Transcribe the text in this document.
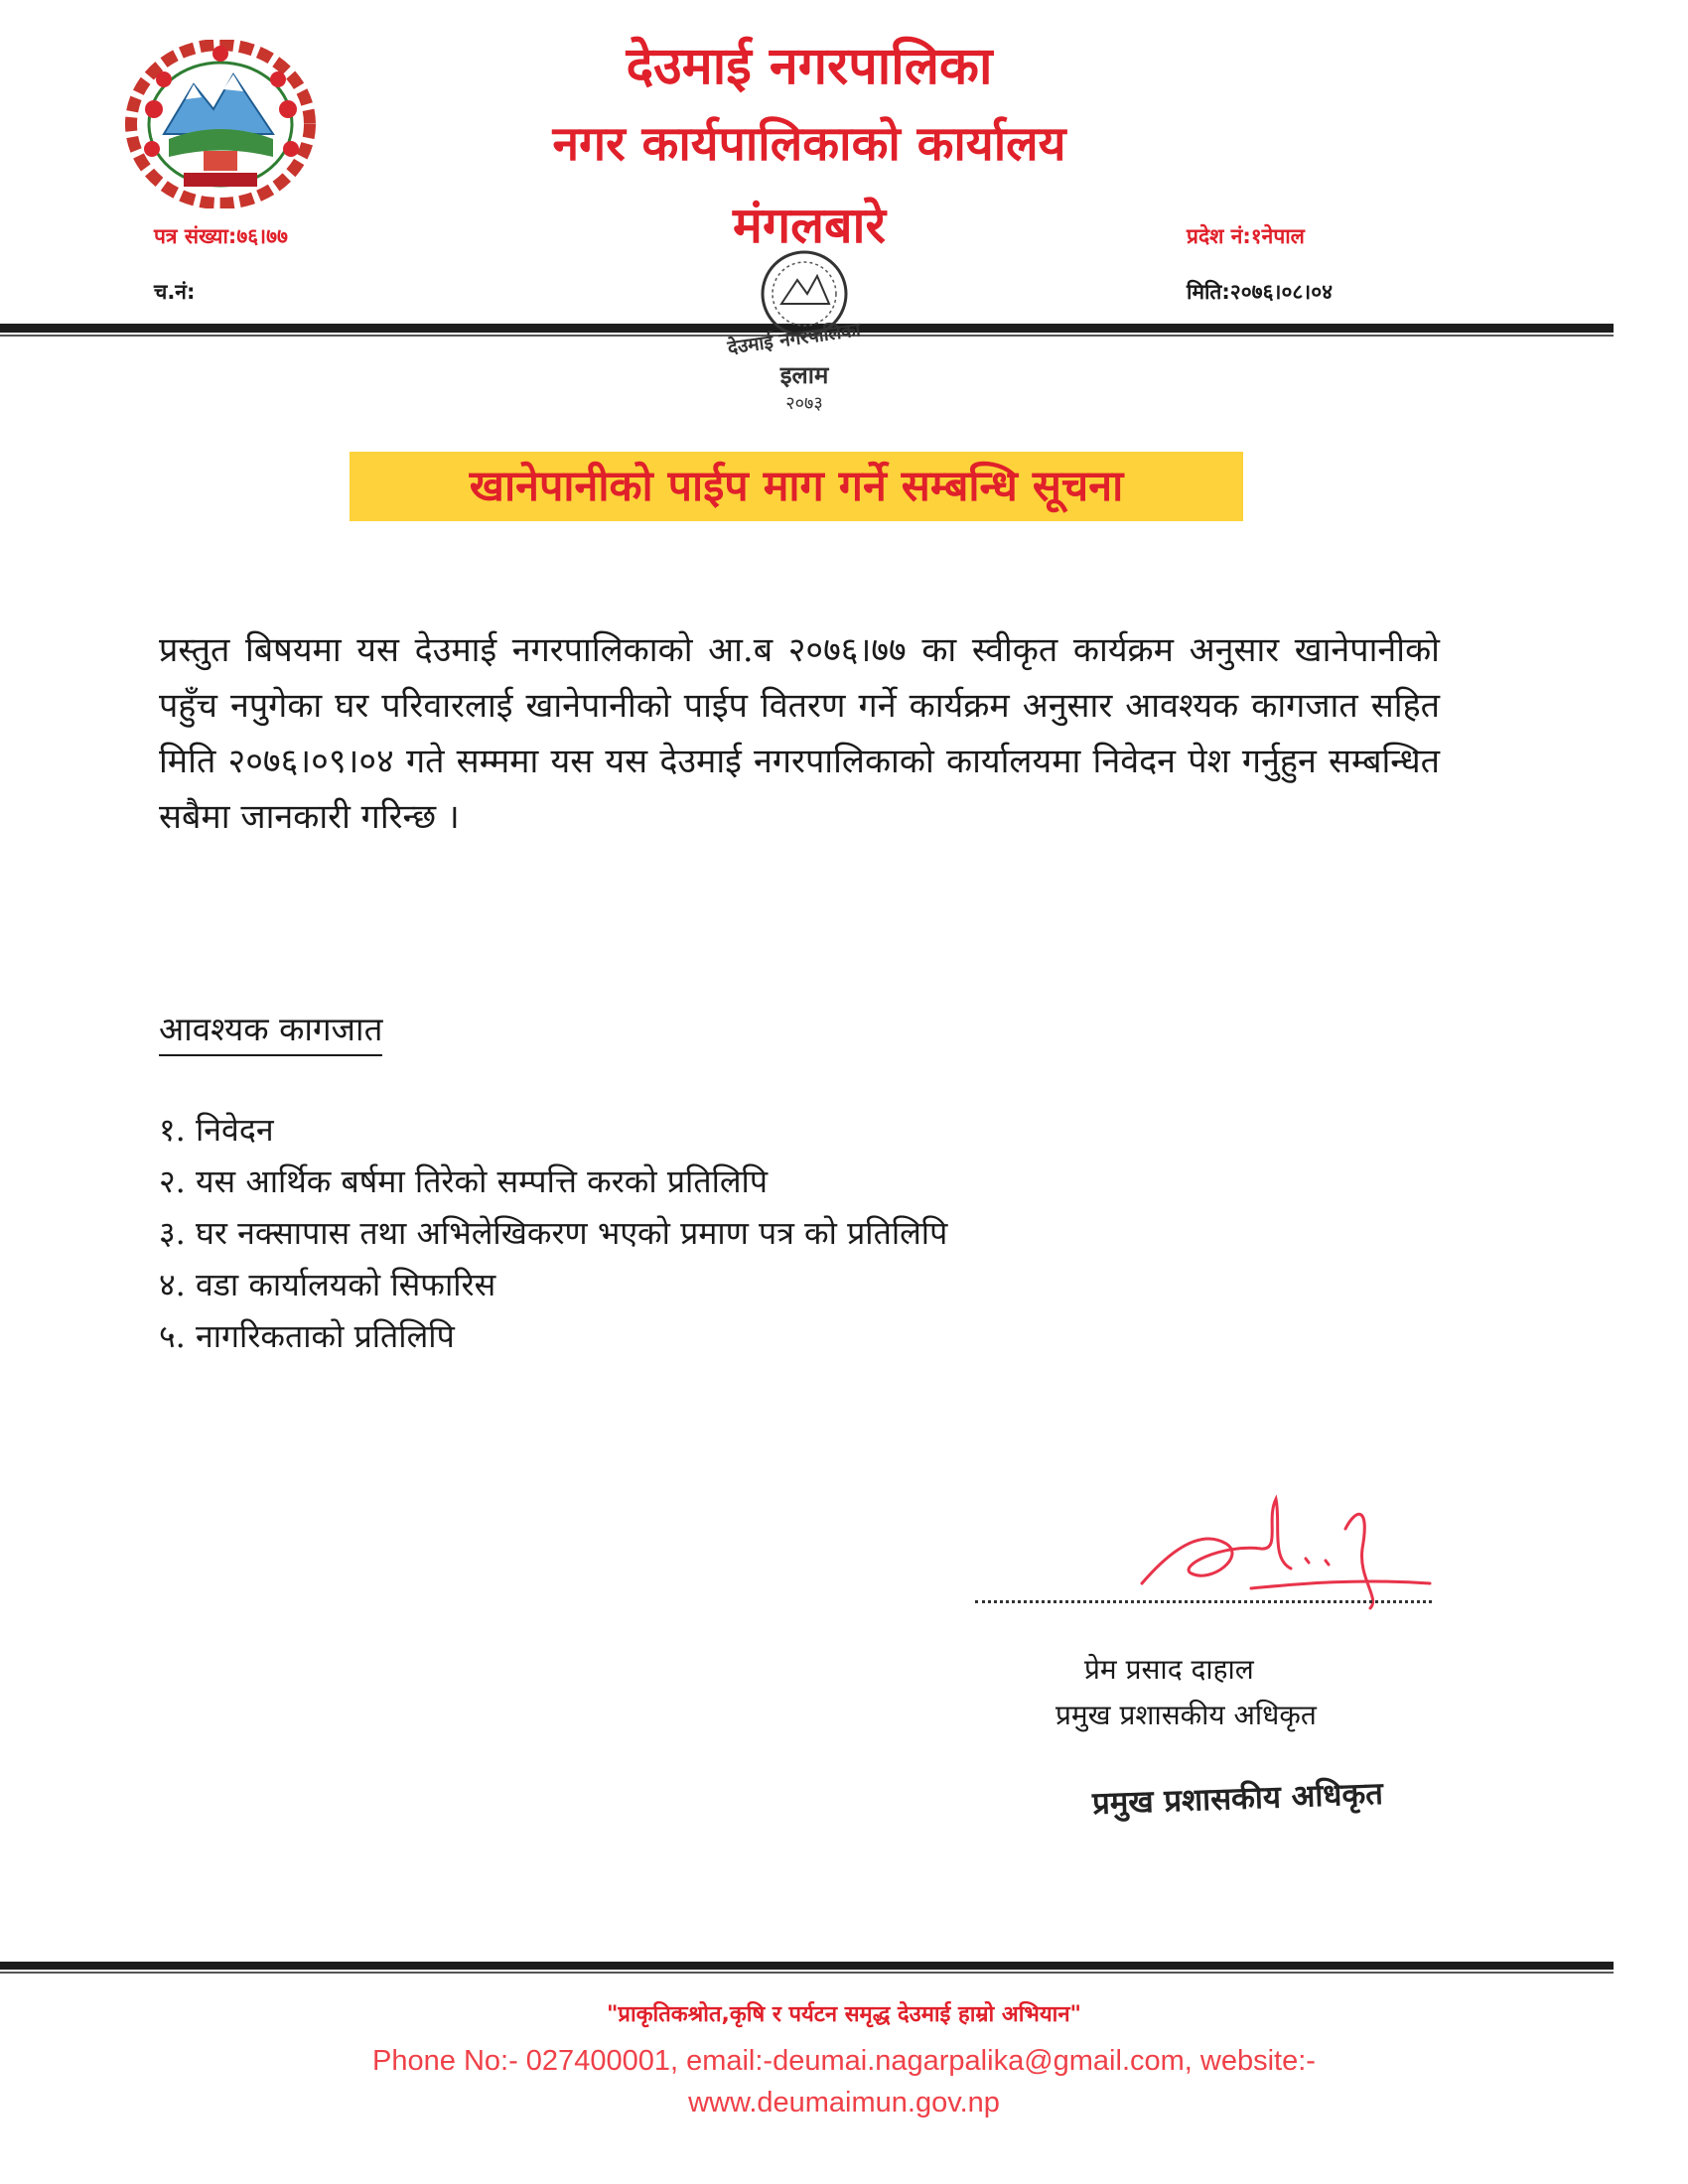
देउमाई नगरपालिका
नगर कार्यपालिकाको कार्यालय
मंगलबारे
पत्र संख्या:७६।७७	प्रदेश नं:१नेपाल
च.नं:	मिति:२०७६।०८।०४
देउमाई नगरपालिका
इलाम
२०७३
खानेपानीको पाईप माग गर्ने सम्बन्धि सूचना
प्रस्तुत बिषयमा यस देउमाई नगरपालिकाको आ.ब २०७६।७७ का स्वीकृत कार्यक्रम अनुसार खानेपानीको पहुँच नपुगेका घर परिवारलाई खानेपानीको पाईप वितरण गर्ने कार्यक्रम अनुसार आवश्यक कागजात सहित मिति २०७६।०९।०४ गते सम्ममा यस यस देउमाई नगरपालिकाको कार्यालयमा निवेदन पेश गर्नुहुन सम्बन्धित सबैमा जानकारी गरिन्छ ।
आवश्यक कागजात
१. निवेदन
२. यस आर्थिक बर्षमा तिरेको सम्पत्ति करको प्रतिलिपि
३. घर नक्सापास तथा अभिलेखिकरण भएको प्रमाण पत्र को प्रतिलिपि
४. वडा कार्यालयको सिफारिस
५. नागरिकताको प्रतिलिपि
प्रेम प्रसाद दाहाल
प्रमुख प्रशासकीय अधिकृत
प्रमुख प्रशासकीय अधिकृत
"प्राकृतिकश्रोत,कृषि र पर्यटन समृद्ध देउमाई हाम्रो अभियान"
Phone No:- 027400001, email:-deumai.nagarpalika@gmail.com, website:-
www.deumaimun.gov.np
